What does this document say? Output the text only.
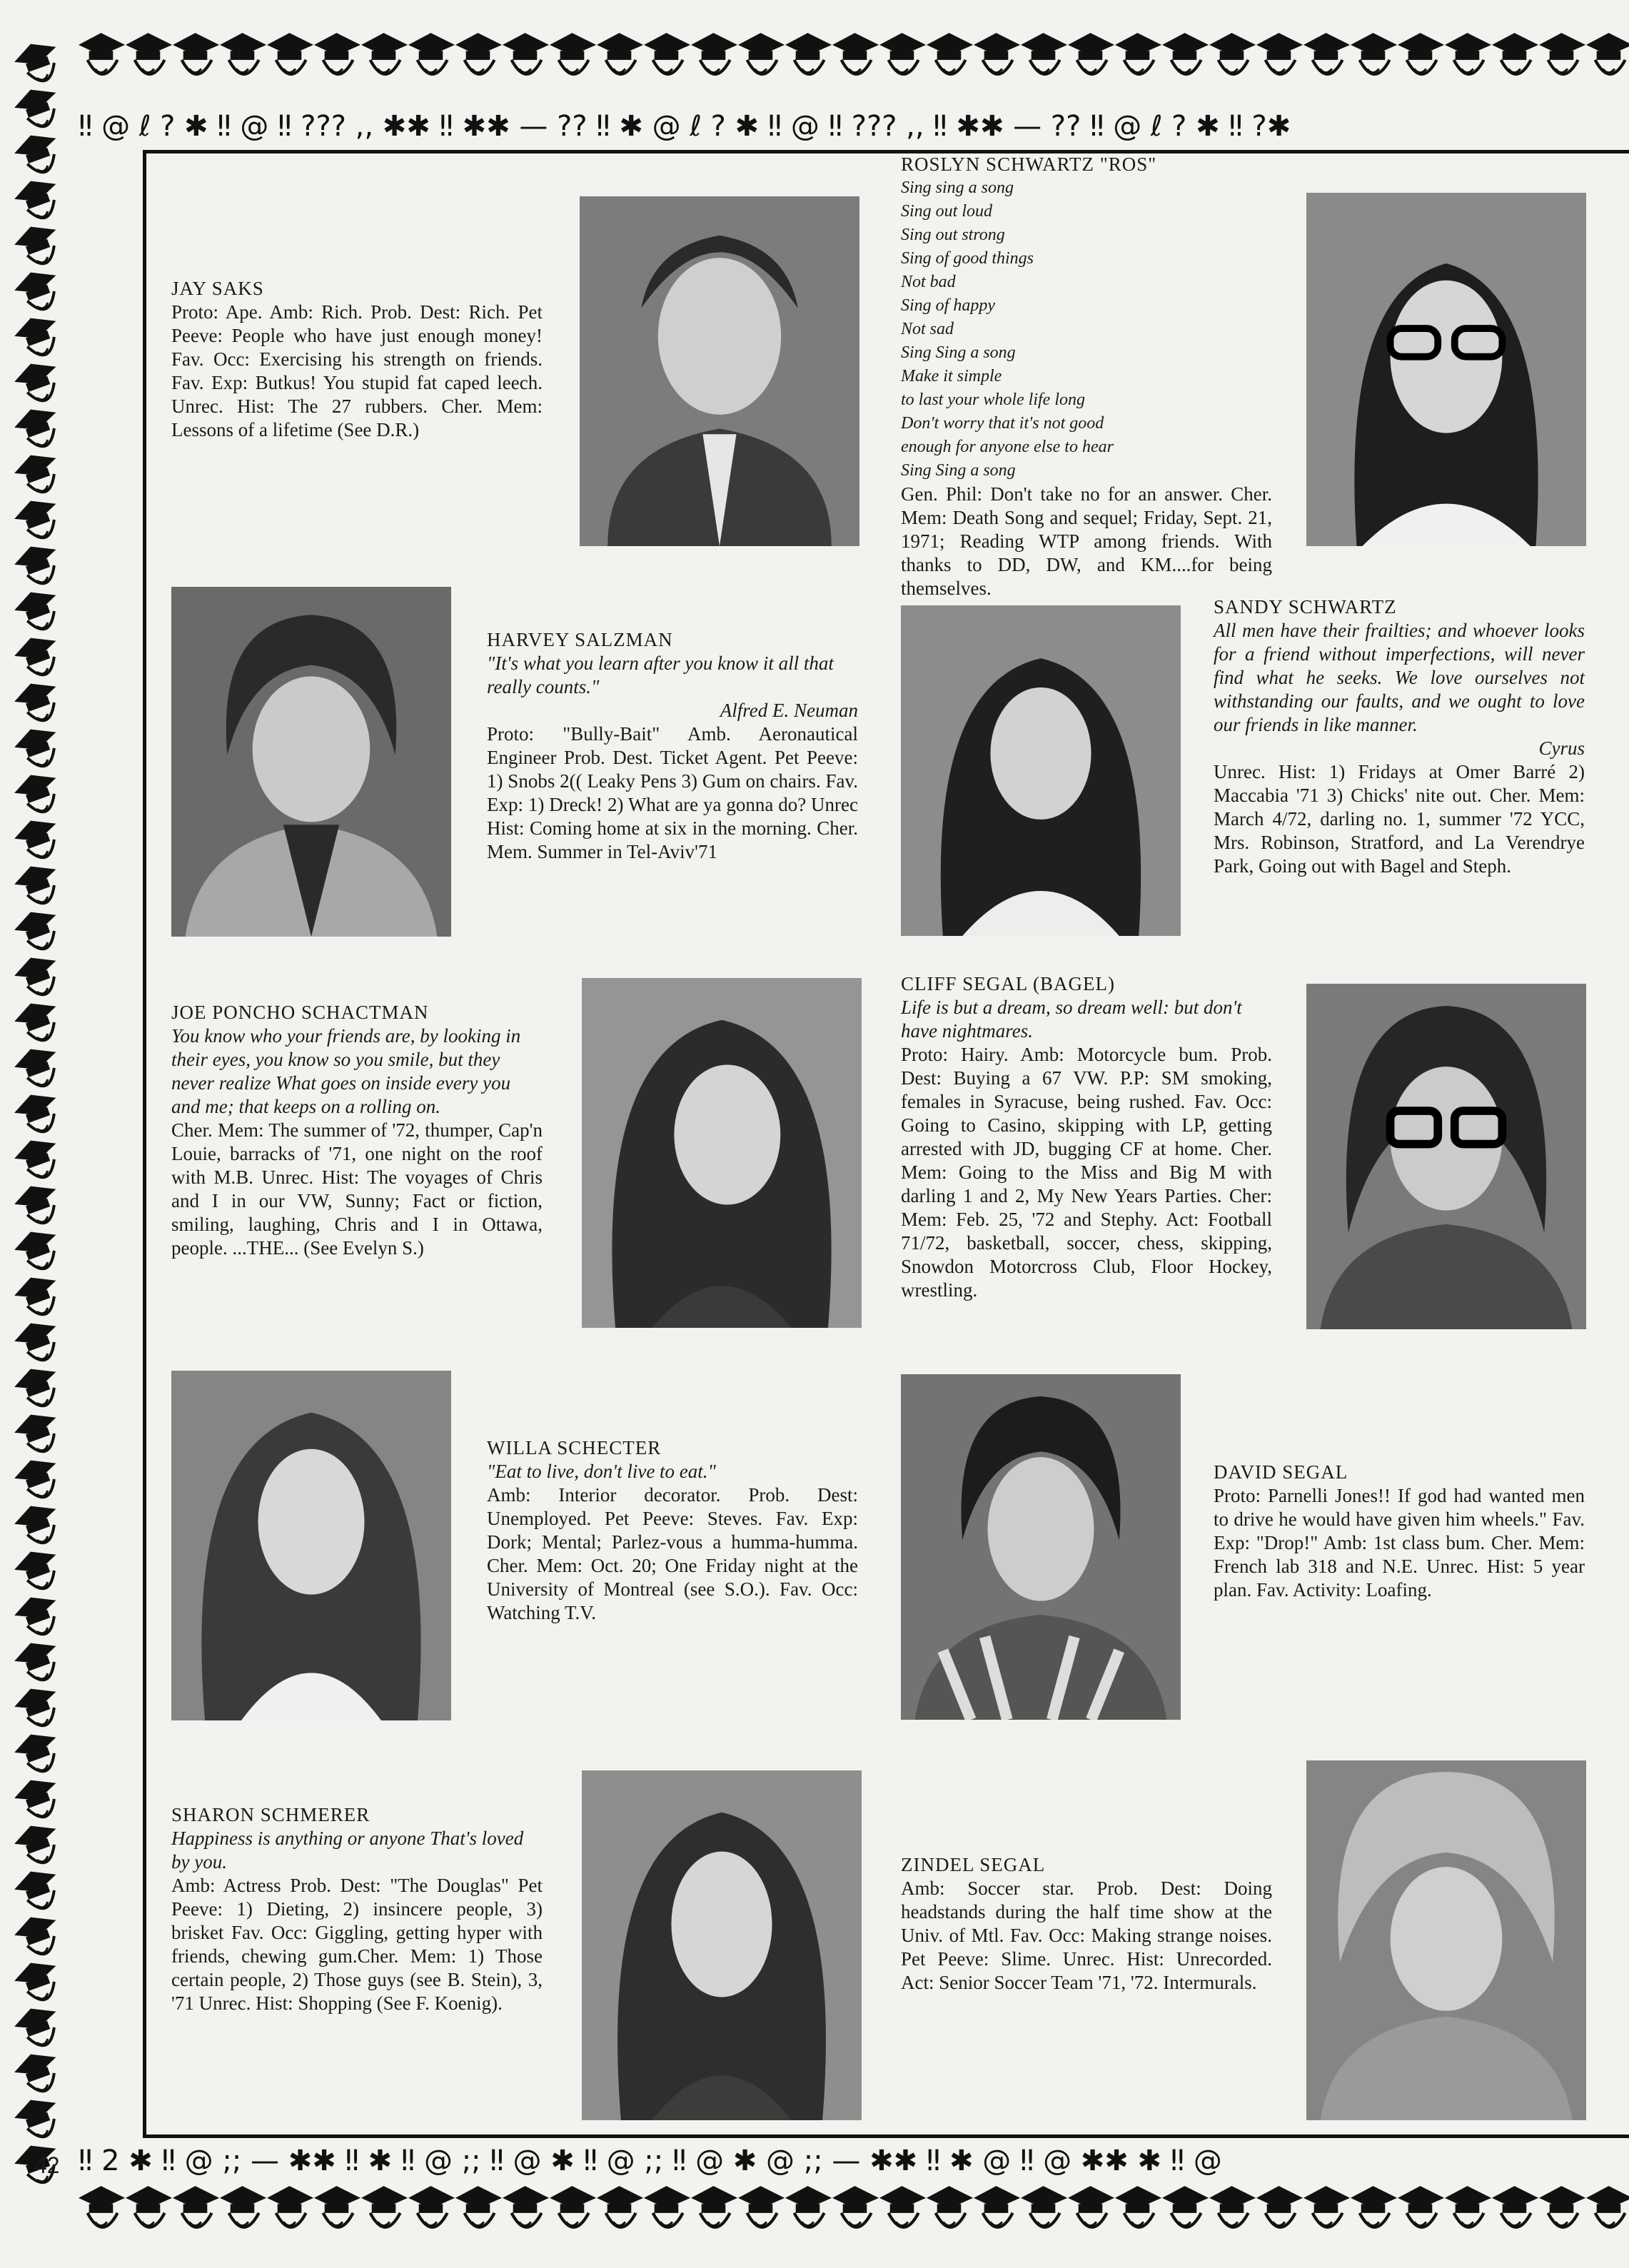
‼ @ ℓ ? ✱ ‼ @ ‼ ??? ,, ✱✱ ‼ ✱✱ — ?? ‼ ✱ @ ℓ ? ✱ ‼ @ ‼ ??? ,, ‼ ✱✱ — ?? ‼ @ ℓ ? ✱ ‼ ?✱
‼ 2 ✱ ‼ @ ;; — ✱✱ ‼ ✱ ‼ @ ;; ‼ @ ✱ ‼ @ ;; ‼ @ ✱ @ ;; — ✱✱ ‼ ✱ @ ‼ @ ✱✱ ✱ ‼ @
JAY SAKS
Proto: Ape. Amb: Rich. Prob. Dest: Rich. Pet Peeve: People who have just enough money! Fav. Occ: Exercising his strength on friends. Fav. Exp: Butkus! You stupid fat caped leech. Unrec. Hist: The 27 rubbers. Cher. Mem: Lessons of a lifetime (See D.R.)
ROSLYN SCHWARTZ "ROS"
Sing sing a song
Sing out loud
Sing out strong
Sing of good things
Not bad
Sing of happy
Not sad
Sing Sing a song
Make it simple
to last your whole life long
Don't worry that it's not good
enough for anyone else to hear
Sing Sing a song
Gen. Phil: Don't take no for an answer. Cher. Mem: Death Song and sequel; Friday, Sept. 21, 1971; Reading WTP among friends. With thanks to DD, DW, and KM....for being themselves.
HARVEY SALZMAN
"It's what you learn after you know it all that really counts."
Alfred E. Neuman
Proto: "Bully-Bait" Amb. Aeronautical Engineer Prob. Dest. Ticket Agent. Pet Peeve: 1) Snobs 2(( Leaky Pens 3) Gum on chairs. Fav. Exp: 1) Dreck! 2) What are ya gonna do? Unrec Hist: Coming home at six in the morning. Cher. Mem. Summer in Tel-Aviv'71
SANDY SCHWARTZ
All men have their frailties; and whoever looks for a friend without imperfections, will never find what he seeks. We love ourselves not withstanding our faults, and we ought to love our friends in like manner.
Cyrus
Unrec. Hist: 1) Fridays at Omer Barré 2) Maccabia '71 3) Chicks' nite out. Cher. Mem: March 4/72, darling no. 1, summer '72 YCC, Mrs. Robinson, Stratford, and La Verendrye Park, Going out with Bagel and Steph.
JOE PONCHO SCHACTMAN
You know who your friends are, by looking in their eyes, you know so you smile, but they never realize What goes on inside every you and me; that keeps on a rolling on.
Cher. Mem: The summer of '72, thumper, Cap'n Louie, barracks of '71, one night on the roof with M.B. Unrec. Hist: The voyages of Chris and I in our VW, Sunny; Fact or fiction, smiling, laughing, Chris and I in Ottawa, people. ...THE... (See Evelyn S.)
CLIFF SEGAL (BAGEL)
Life is but a dream, so dream well: but don't have nightmares.
Proto: Hairy. Amb: Motorcycle bum. Prob. Dest: Buying a 67 VW. P.P: SM smoking, females in Syracuse, being rushed. Fav. Occ: Going to Casino, skipping with LP, getting arrested with JD, bugging CF at home. Cher. Mem: Going to the Miss and Big M with darling 1 and 2, My New Years Parties. Cher: Mem: Feb. 25, '72 and Stephy. Act: Football 71/72, basketball, soccer, chess, skipping, Snowdon Motorcross Club, Floor Hockey, wrestling.
WILLA SCHECTER
"Eat to live, don't live to eat."
Amb: Interior decorator. Prob. Dest: Unemployed. Pet Peeve: Steves. Fav. Exp: Dork; Mental; Parlez-vous a humma-humma. Cher. Mem: Oct. 20; One Friday night at the University of Montreal (see S.O.). Fav. Occ: Watching T.V.
DAVID SEGAL
Proto: Parnelli Jones!! If god had wanted men to drive he would have given him wheels." Fav. Exp: "Drop!" Amb: 1st class bum. Cher. Mem: French lab 318 and N.E. Unrec. Hist: 5 year plan. Fav. Activity: Loafing.
SHARON SCHMERER
Happiness is anything or anyone That's loved by you.
Amb: Actress Prob. Dest: "The Douglas" Pet Peeve: 1) Dieting, 2) insincere people, 3) brisket Fav. Occ: Giggling, getting hyper with friends, chewing gum.Cher. Mem: 1) Those certain people, 2) Those guys (see B. Stein), 3, '71 Unrec. Hist: Shopping (See F. Koenig).
ZINDEL SEGAL
Amb: Soccer star. Prob. Dest: Doing headstands during the half time show at the Univ. of Mtl. Fav. Occ: Making strange noises. Pet Peeve: Slime. Unrec. Hist: Unrecorded. Act: Senior Soccer Team '71, '72. Intermurals.
42
